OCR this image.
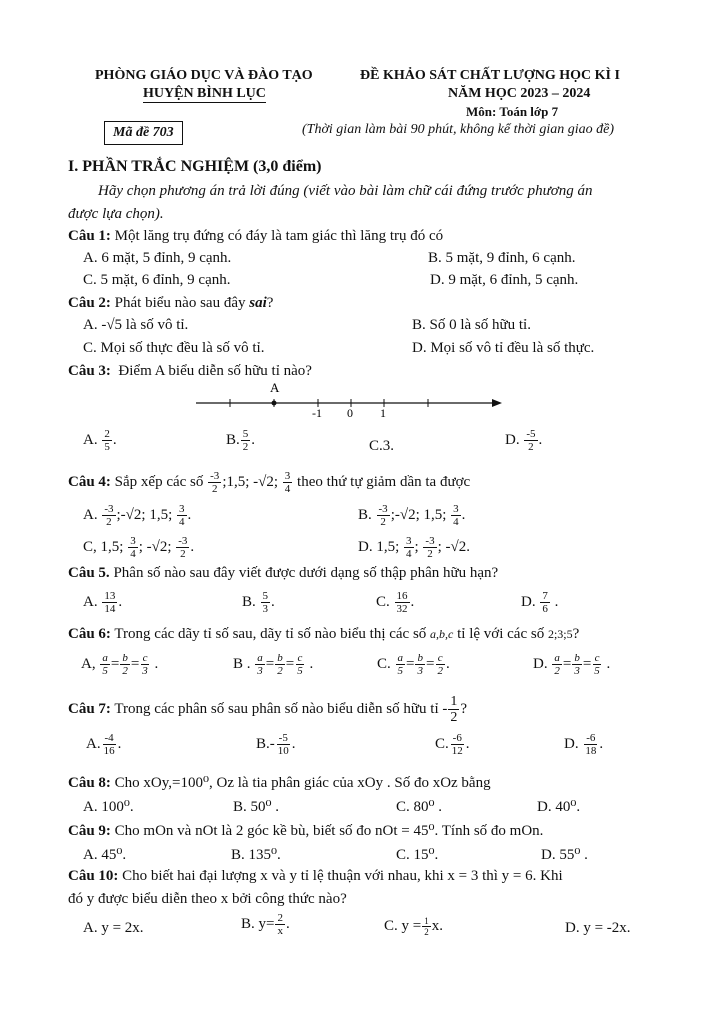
PHÒNG GIÁO DỤC VÀ ĐÀO TẠO
HUYỆN BÌNH LỤC
ĐỀ KHẢO SÁT CHẤT LƯỢNG HỌC KÌ I
NĂM HỌC 2023 – 2024
Môn: Toán lớp 7
Mã đề 703	(Thời gian làm bài 90 phút, không kể thời gian giao đề)
I. PHẦN TRẮC NGHIỆM (3,0 điểm)
Hãy chọn phương án trả lời đúng (viết vào bài làm chữ cái đứng trước phương án
được lựa chọn).
Câu 1: Một lăng trụ đứng có đáy là tam giác thì lăng trụ đó có
A. 6 mặt, 5 đỉnh, 9 cạnh.	B. 5 mặt, 9 đỉnh, 6 cạnh.
C. 5 mặt, 6 đỉnh, 9 cạnh.	D. 9 mặt, 6 đỉnh, 5 cạnh.
Câu 2: Phát biểu nào sau đây sai?
A. -√5 là số vô tỉ.	B. Số 0 là số hữu tỉ.
C. Mọi số thực đều là số vô tỉ.	D. Mọi số vô tỉ đều là số thực.
Câu 3: Điểm A biểu diễn số hữu tỉ nào?
A
-1 0 1
A. $\frac{2}{5}$ .	B. $\frac{5}{2}$ .	C.3.	D. $\frac{-5}{2}$ .
Câu 4: Sắp xếp các số $\frac{-3}{2}$ ;1,5; -√2; $\frac{3}{4}$ theo thứ tự giảm dần ta được
A. $\frac{-3}{2}$ ;-√2; 1,5; $\frac{3}{4}$ .	B. $\frac{-3}{2}$ ;-√2; 1,5; $\frac{3}{4}$ .
C, 1,5; $\frac{3}{4}$ ; -√2; $\frac{-3}{2}$ .	D. 1,5; $\frac{3}{4}$ ; $\frac{-3}{2}$ ; -√2.
Câu 5. Phân số nào sau đây viết được dưới dạng số thập phân hữu hạn?
A. $\frac{13}{14}$ .	B. $\frac{5}{3}$ .	C. $\frac{16}{32}$ .	D. $\frac{7}{6}$ .
Câu 6: Trong các dãy tỉ số sau, dãy tỉ số nào biểu thị các số a,b,c tỉ lệ với các số 2;3;5?
A, $\frac{a}{5} = \frac{b}{2} = \frac{c}{3}$ .	B . $\frac{a}{3} = \frac{b}{2} = \frac{c}{5}$ .	C. $\frac{a}{5} = \frac{b}{3} = \frac{c}{2}$ .	D. $\frac{a}{2} = \frac{b}{3} = \frac{c}{5}$ .
Câu 7: Trong các phân số sau phân số nào biểu diễn số hữu tỉ - $\frac{1}{2}$ ?
A. $\frac{-4}{16}$ .	$B.- \frac{-5}{10}$ .	C. $\frac{-6}{12}$ .	D. $\frac{-6}{18}$ .
Câu 8: Cho xOy,=100⁰, Oz là tia phân giác của xOy . Số đo xOz bằng
A. 100⁰.	B. 50⁰ .	C. 80⁰ .	D. 40⁰.
Câu 9: Cho mOn và nOt là 2 góc kề bù, biết số đo nOt = 45⁰. Tính số đo mOn.
A. 45⁰.	B. 135⁰.	C. 15⁰.	D. 55⁰ .
Câu 10: Cho biết hai đại lượng x và y tỉ lệ thuận với nhau, khi x = 3 thì y = 6. Khi
đó y được biểu diễn theo x bởi công thức nào?
A. y = 2x.	B. $y= \frac{2}{x}$ .	C. $y = \frac{1}{2} x$.	D. y = -2x.
